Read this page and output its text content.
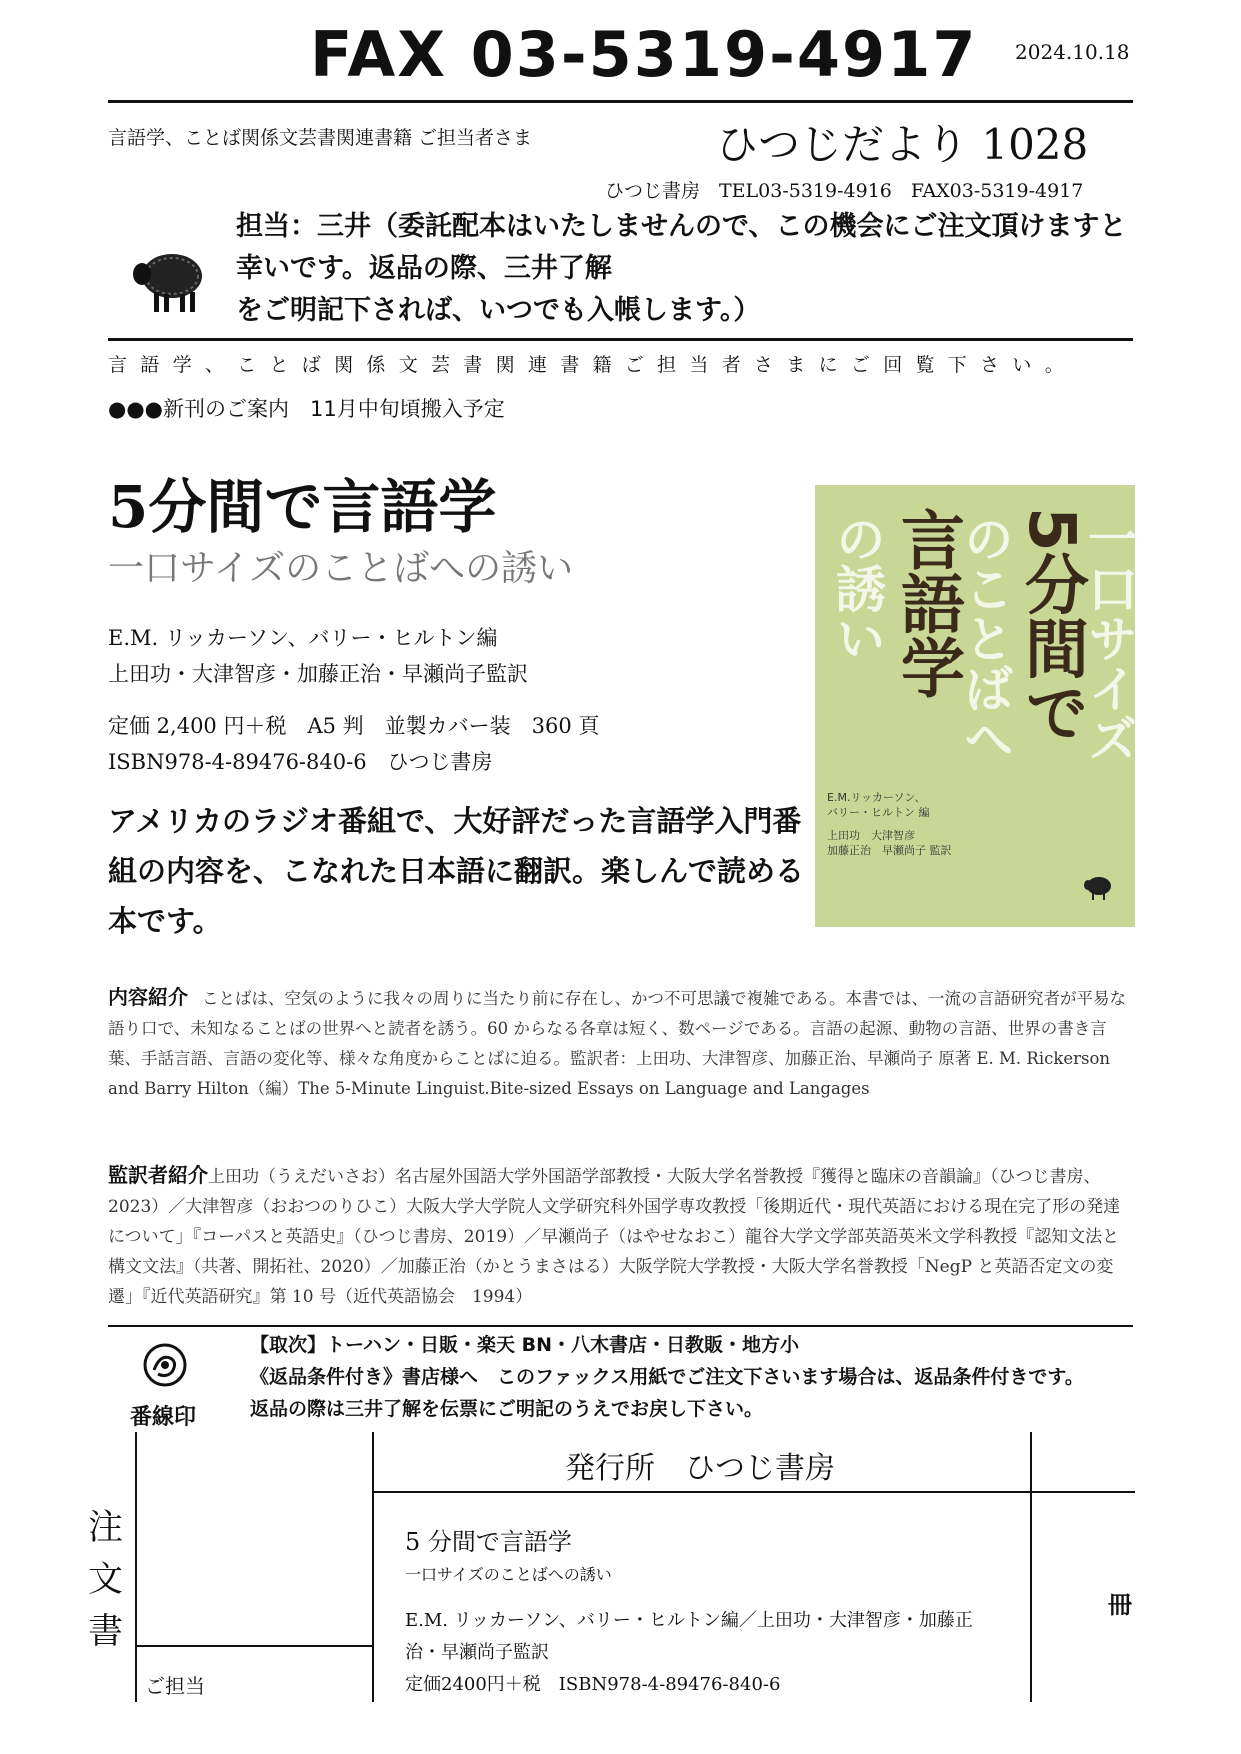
FAX 03-5319-4917 2024.10.18
言語学、ことば関係文芸書関連書籍 ご担当者さま	ひつじだより 1028
ひつじ書房　TEL03-5319-4916　FAX03-5319-4917
担当：三井（委託配本はいたしませんので、この機会にご注文頂けますと幸いです。返品の際、三井了解をご明記下されば、いつでも入帳します。）
言語学、ことば関係文芸書関連書籍ご担当者さまにご回覧下さい。
●●●新刊のご案内　11月中旬頃搬入予定
5分間で言語学
一口サイズのことばへの誘い
E.M. リッカーソン、バリー・ヒルトン編
上田功・大津智彦・加藤正治・早瀬尚子監訳
定価 2,400 円＋税　A5 判　並製カバー装　360 頁
ISBN978-4-89476-840-6　ひつじ書房
アメリカのラジオ番組で、大好評だった言語学入門番組の内容を、こなれた日本語に翻訳。楽しんで読める本です。
一口サイズ
5分間で
のことばへ
言語学
の誘い
E.M.リッカーソン、
バリー・ヒルトン 編
上田功　大津智彦
加藤正治　早瀬尚子 監訳
内容紹介 ことばは、空気のように我々の周りに当たり前に存在し、かつ不可思議で複雑である。本書では、一流の言語研究者が平易な語り口で、未知なることばの世界へと読者を誘う。60 からなる各章は短く、数ページである。言語の起源、動物の言語、世界の書き言葉、手話言語、言語の変化等、様々な角度からことばに迫る。監訳者：上田功、大津智彦、加藤正治、早瀬尚子 原著 E. M. Rickerson and Barry Hilton（編）The 5-Minute Linguist.Bite-sized Essays on Language and Langages
監訳者紹介上田功（うえだいさお）名古屋外国語大学外国語学部教授・大阪大学名誉教授『獲得と臨床の音韻論』（ひつじ書房、2023）／大津智彦（おおつのりひこ）大阪大学大学院人文学研究科外国学専攻教授「後期近代・現代英語における現在完了形の発達について」『コーパスと英語史』（ひつじ書房、2019）／早瀬尚子（はやせなおこ）龍谷大学文学部英語英米文学科教授『認知文法と構文文法』（共著、開拓社、2020）／加藤正治（かとうまさはる）大阪学院大学教授・大阪大学名誉教授「NegP と英語否定文の変遷」『近代英語研究』第 10 号（近代英語協会　1994）
番線印
【取次】トーハン・日販・楽天 BN・八木書店・日教販・地方小
《返品条件付き》書店様へ　このファックス用紙でご注文下さいます場合は、返品条件付きです。
返品の際は三井了解を伝票にご明記のうえでお戻し下さい。
発行所　ひつじ書房
注文書
5 分間で言語学
一口サイズのことばへの誘い
E.M. リッカーソン、バリー・ヒルトン編／上田功・大津智彦・加藤正治・早瀬尚子監訳
定価2400円＋税　ISBN978-4-89476-840-6
冊
ご担当
